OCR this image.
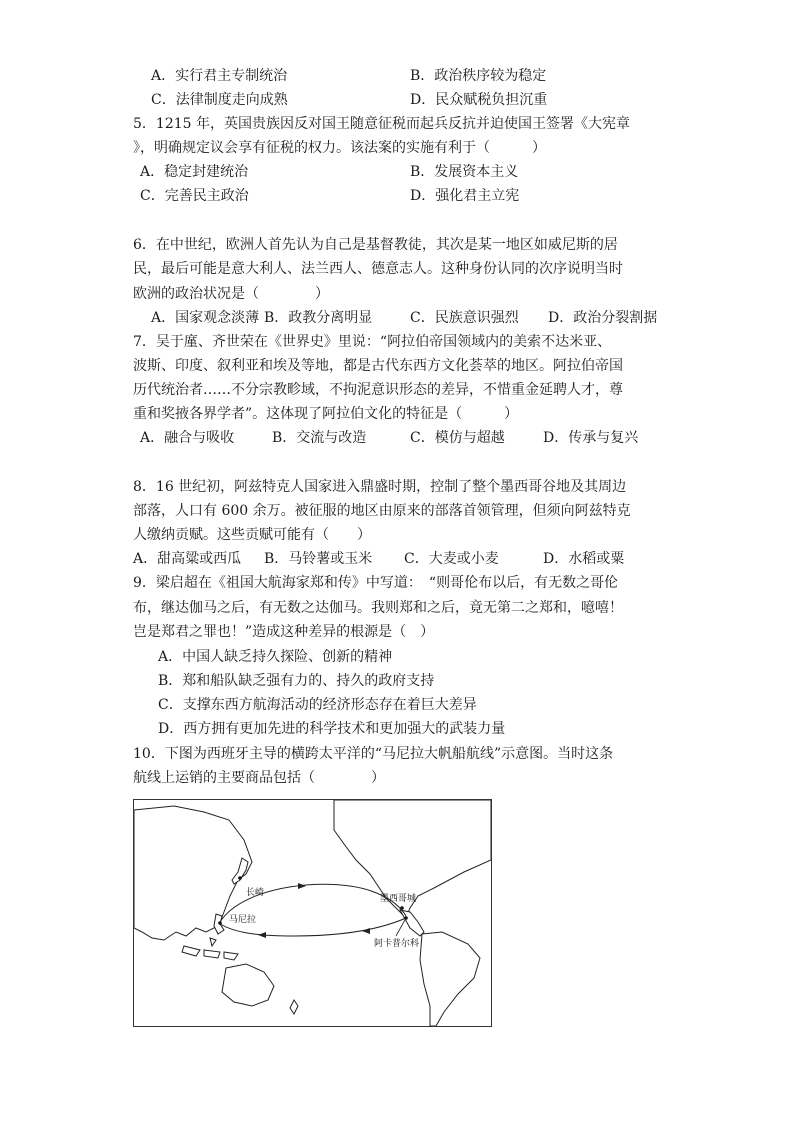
A．实行君主专制统治	B．政治秩序较为稳定
C．法律制度走向成熟	D．民众赋税负担沉重
5．1215 年，英国贵族因反对国王随意征税而起兵反抗并迫使国王签署《大宪章
》，明确规定议会享有征税的权力。该法案的实施有利于（　　　）
A．稳定封建统治	B．发展资本主义
C．完善民主政治	D．强化君主立宪
6．在中世纪，欧洲人首先认为自己是基督教徒，其次是某一地区如威尼斯的居
民，最后可能是意大利人、法兰西人、德意志人。这种身份认同的次序说明当时
欧洲的政治状况是（　　　　）
A．国家观念淡薄 B．政教分离明显	C．民族意识强烈 D．政治分裂割据
7．吴于廑、齐世荣在《世界史》里说：“阿拉伯帝国领域内的美索不达米亚、
波斯、印度、叙利亚和埃及等地，都是古代东西方文化荟萃的地区。阿拉伯帝国
历代统治者……不分宗教畛域，不拘泥意识形态的差异，不惜重金延聘人才，尊
重和奖掖各界学者”。这体现了阿拉伯文化的特征是（　　　）
A．融合与吸收	B．交流与改造	C．模仿与超越	D．传承与复兴
8．16 世纪初，阿兹特克人国家进入鼎盛时期，控制了整个墨西哥谷地及其周边
部落，人口有 600 余万。被征服的地区由原来的部落首领管理，但须向阿兹特克
人缴纳贡赋。这些贡赋可能有（　　）
A．甜高粱或西瓜 B．马铃薯或玉米 C．大麦或小麦	D．水稻或粟
9．梁启超在《祖国大航海家郑和传》中写道：　“则哥伦布以后，有无数之哥伦
布，继达伽马之后，有无数之达伽马。我则郑和之后，竟无第二之郑和，噫嘻！
岂是郑君之罪也！”造成这种差异的根源是（　）
A．中国人缺乏持久探险、创新的精神
B．郑和船队缺乏强有力的、持久的政府支持
C．支撑东西方航海活动的经济形态存在着巨大差异
D．西方拥有更加先进的科学技术和更加强大的武装力量
10．下图为西班牙主导的横跨太平洋的“马尼拉大帆船航线”示意图。当时这条
航线上运销的主要商品包括（　　　　）
长崎
马尼拉
墨西哥城
阿卡普尔科
